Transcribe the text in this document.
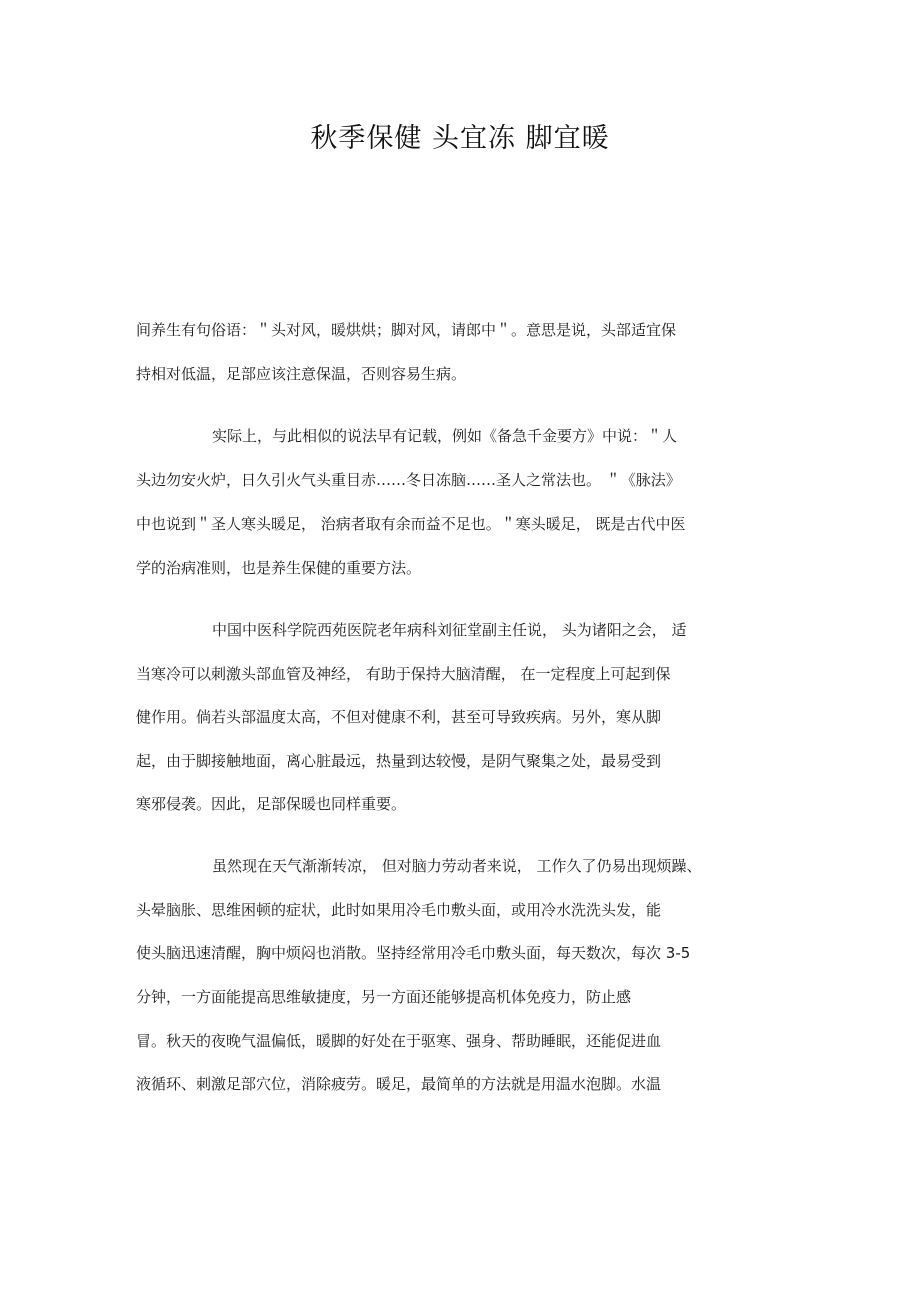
秋季保健 头宜冻 脚宜暖
间养生有句俗语：＂头对风，暖烘烘；脚对风，请郎中＂。意思是说，头部适宜保
持相对低温，足部应该注意保温，否则容易生病。
实际上，与此相似的说法早有记载，例如《备急千金要方》中说：＂人
头边勿安火炉，日久引火气头重目赤……冬日冻脑……圣人之常法也。 ＂《脉法》
中也说到＂圣人寒头暖足， 治病者取有余而益不足也。＂寒头暖足， 既是古代中医
学的治病准则，也是养生保健的重要方法。
中国中医科学院西苑医院老年病科刘征堂副主任说， 头为诸阳之会， 适
当寒冷可以刺激头部血管及神经， 有助于保持大脑清醒， 在一定程度上可起到保
健作用。倘若头部温度太高，不但对健康不利，甚至可导致疾病。另外，寒从脚
起，由于脚接触地面，离心脏最远，热量到达较慢，是阴气聚集之处，最易受到
寒邪侵袭。因此，足部保暖也同样重要。
虽然现在天气渐渐转凉， 但对脑力劳动者来说， 工作久了仍易出现烦躁、
头晕脑胀、思维困顿的症状，此时如果用冷毛巾敷头面，或用冷水洗洗头发，能
使头脑迅速清醒，胸中烦闷也消散。坚持经常用冷毛巾敷头面，每天数次，每次 3-5
分钟，一方面能提高思维敏捷度，另一方面还能够提高机体免疫力，防止感
冒。秋天的夜晚气温偏低，暖脚的好处在于驱寒、强身、帮助睡眠，还能促进血
液循环、刺激足部穴位，消除疲劳。暖足，最简单的方法就是用温水泡脚。水温
